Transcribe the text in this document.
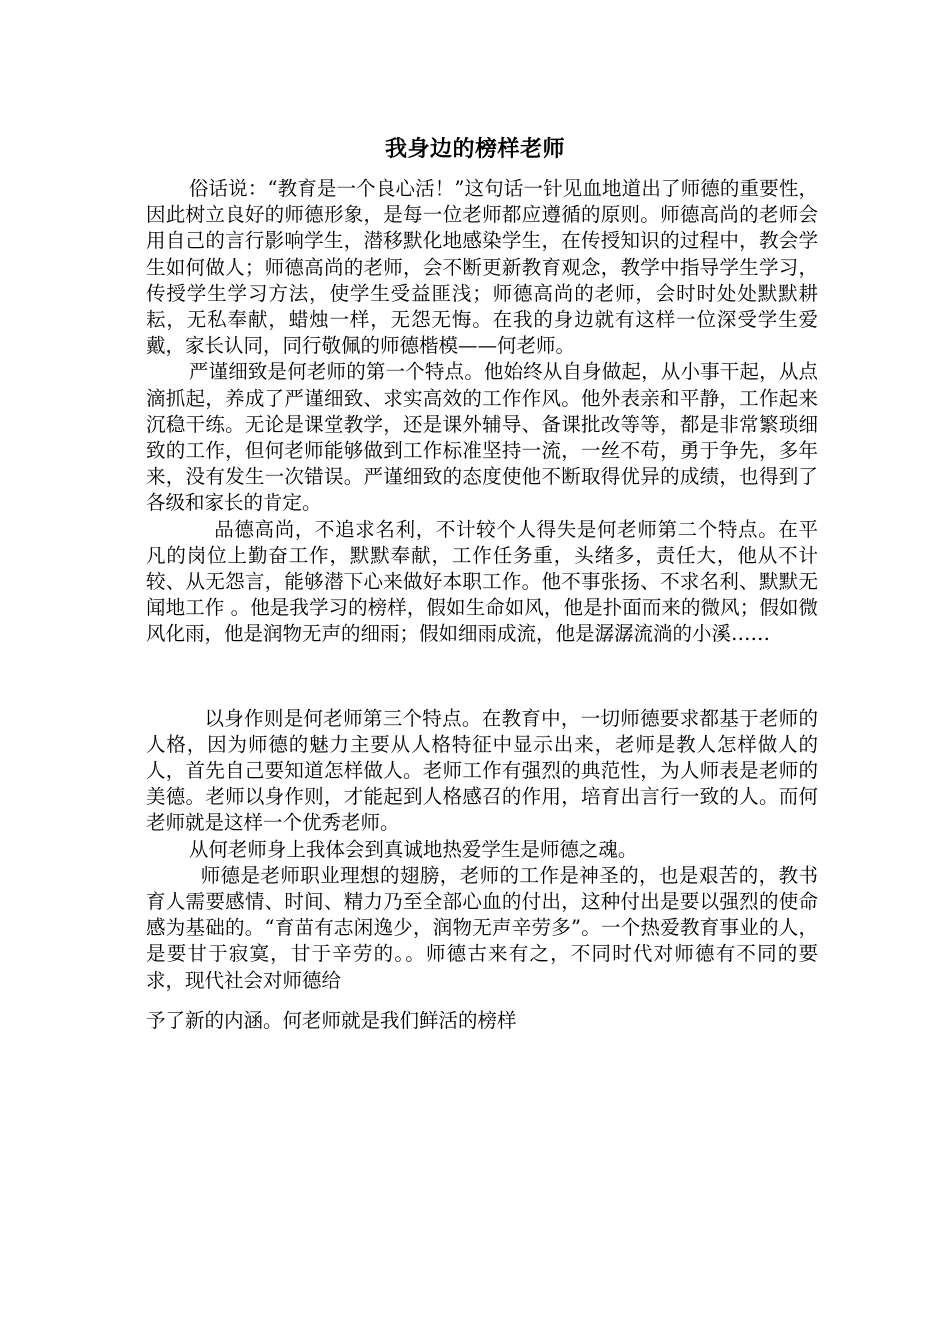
我身边的榜样老师

俗话说：“教育是一个良心活！”这句话一针见血地道出了师德的重要性，因此树立良好的师德形象，是每一位老师都应遵循的原则。师德高尚的老师会用自己的言行影响学生，潜移默化地感染学生，在传授知识的过程中，教会学生如何做人；师德高尚的老师，会不断更新教育观念，教学中指导学生学习，传授学生学习方法，使学生受益匪浅；师德高尚的老师，会时时处处默默耕耘，无私奉献，蜡烛一样，无怨无悔。在我的身边就有这样一位深受学生爱戴，家长认同，同行敬佩的师德楷模——何老师。

严谨细致是何老师的第一个特点。他始终从自身做起，从小事干起，从点滴抓起，养成了严谨细致、求实高效的工作作风。他外表亲和平静，工作起来沉稳干练。无论是课堂教学，还是课外辅导、备课批改等等，都是非常繁琐细致的工作，但何老师能够做到工作标准坚持一流，一丝不苟，勇于争先，多年来，没有发生一次错误。严谨细致的态度使他不断取得优异的成绩，也得到了各级和家长的肯定。

品德高尚，不追求名利，不计较个人得失是何老师第二个特点。在平凡的岗位上勤奋工作，默默奉献，工作任务重，头绪多，责任大，他从不计较、从无怨言，能够潜下心来做好本职工作。他不事张扬、不求名利、默默无闻地工作 。他是我学习的榜样，假如生命如风，他是扑面而来的微风；假如微风化雨，他是润物无声的细雨；假如细雨成流，他是潺潺流淌的小溪……

以身作则是何老师第三个特点。在教育中，一切师德要求都基于老师的人格，因为师德的魅力主要从人格特征中显示出来，老师是教人怎样做人的人，首先自己要知道怎样做人。老师工作有强烈的典范性，为人师表是老师的美德。老师以身作则，才能起到人格感召的作用，培育出言行一致的人。而何老师就是这样一个优秀老师。

从何老师身上我体会到真诚地热爱学生是师德之魂。

师德是老师职业理想的翅膀，老师的工作是神圣的，也是艰苦的，教书育人需要感情、时间、精力乃至全部心血的付出，这种付出是要以强烈的使命感为基础的。“育苗有志闲逸少，润物无声辛劳多”。一个热爱教育事业的人，是要甘于寂寞，甘于辛劳的。。师德古来有之，不同时代对师德有不同的要求，现代社会对师德给

予了新的内涵。何老师就是我们鲜活的榜样
